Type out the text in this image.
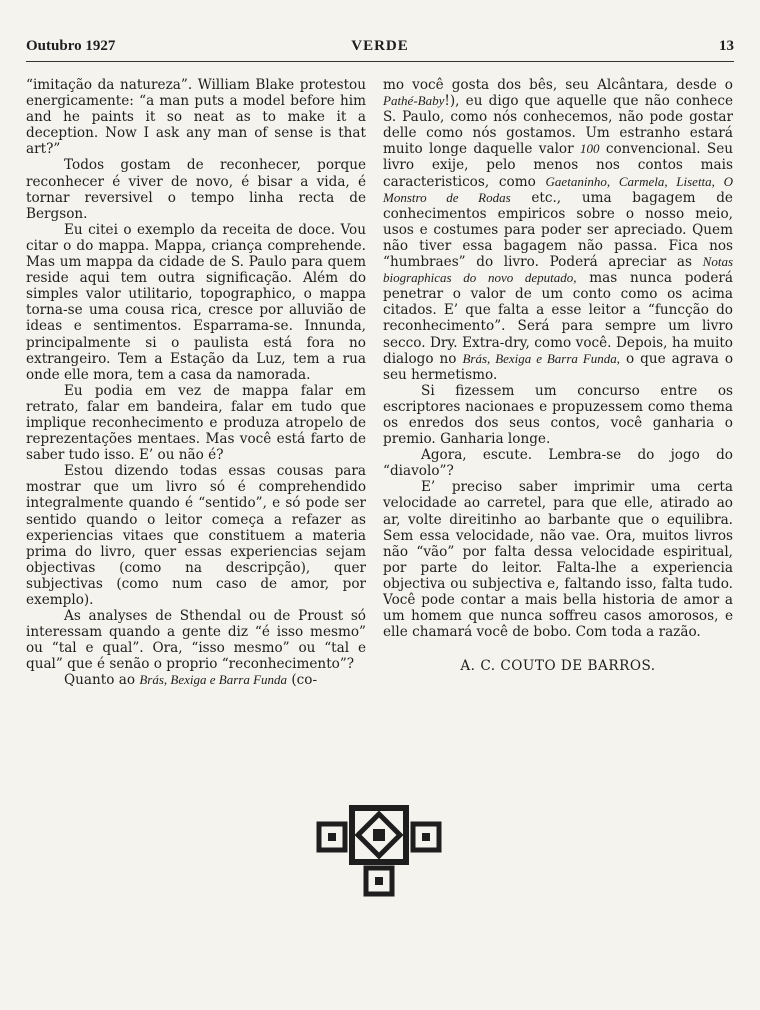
Outubro 1927	VERDE	13

“imitação da natureza”. William Blake protestou energicamente: “a man puts a model before him and he paints it so neat as to make it a deception. Now I ask any man of sense is that art?”

Todos gostam de reconhecer, porque reconhecer é viver de novo, é bisar a vida, é tornar reversivel o tempo linha recta de Bergson.

Eu citei o exemplo da receita de doce. Vou citar o do mappa. Mappa, criança comprehende. Mas um mappa da cidade de S. Paulo para quem reside aqui tem outra significação. Além do simples valor utilitario, topographico, o mappa torna-se uma cousa rica, cresce por alluvião de ideas e sentimentos. Esparrama-se. Innunda, principalmente si o paulista está fora no extrangeiro. Tem a Estação da Luz, tem a rua onde elle mora, tem a casa da namorada.

Eu podia em vez de mappa falar em retrato, falar em bandeira, falar em tudo que implique reconhecimento e produza atropelo de reprezentações mentaes. Mas você está farto de saber tudo isso. E’ ou não é?

Estou dizendo todas essas cousas para mostrar que um livro só é comprehendido integralmente quando é “sentido”, e só pode ser sentido quando o leitor começa a refazer as experiencias vitaes que constituem a materia prima do livro, quer essas experiencias sejam objectivas (como na descripção), quer subjectivas (como num caso de amor, por exemplo).

As analyses de Sthendal ou de Proust só interessam quando a gente diz “é isso mesmo” ou “tal e qual”. Ora, “isso mesmo” ou “tal e qual” que é senão o proprio “reconhecimento”?

Quanto ao Brás, Bexiga e Barra Funda (co-

mo você gosta dos bês, seu Alcântara, desde o Pathé-Baby!), eu digo que aquelle que não conhece S. Paulo, como nós conhecemos, não pode gostar delle como nós gostamos. Um estranho estará muito longe daquelle valor 100 convencional. Seu livro exije, pelo menos nos contos mais caracteristicos, como Gaetaninho, Carmela, Lisetta, O Monstro de Rodas etc., uma bagagem de conhecimentos empiricos sobre o nosso meio, usos e costumes para poder ser apreciado. Quem não tiver essa bagagem não passa. Fica nos “humbraes” do livro. Poderá apreciar as Notas biographicas do novo deputado, mas nunca poderá penetrar o valor de um conto como os acima citados. E’ que falta a esse leitor a “funcção do reconhecimento”. Será para sempre um livro secco. Dry. Extra-dry, como você. Depois, ha muito dialogo no Brás, Bexiga e Barra Funda, o que agrava o seu hermetismo.

Si fizessem um concurso entre os escriptores nacionaes e propuzessem como thema os enredos dos seus contos, você ganharia o premio. Ganharia longe.

Agora, escute. Lembra-se do jogo do “diavolo”?

E’ preciso saber imprimir uma certa velocidade ao carretel, para que elle, atirado ao ar, volte direitinho ao barbante que o equilibra. Sem essa velocidade, não vae. Ora, muitos livros não “vão” por falta dessa velocidade espiritual, por parte do leitor. Falta-lhe a experiencia objectiva ou subjectiva e, faltando isso, falta tudo. Você pode contar a mais bella historia de amor a um homem que nunca soffreu casos amorosos, e elle chamará você de bobo. Com toda a razão.

A. C. COUTO DE BARROS.
